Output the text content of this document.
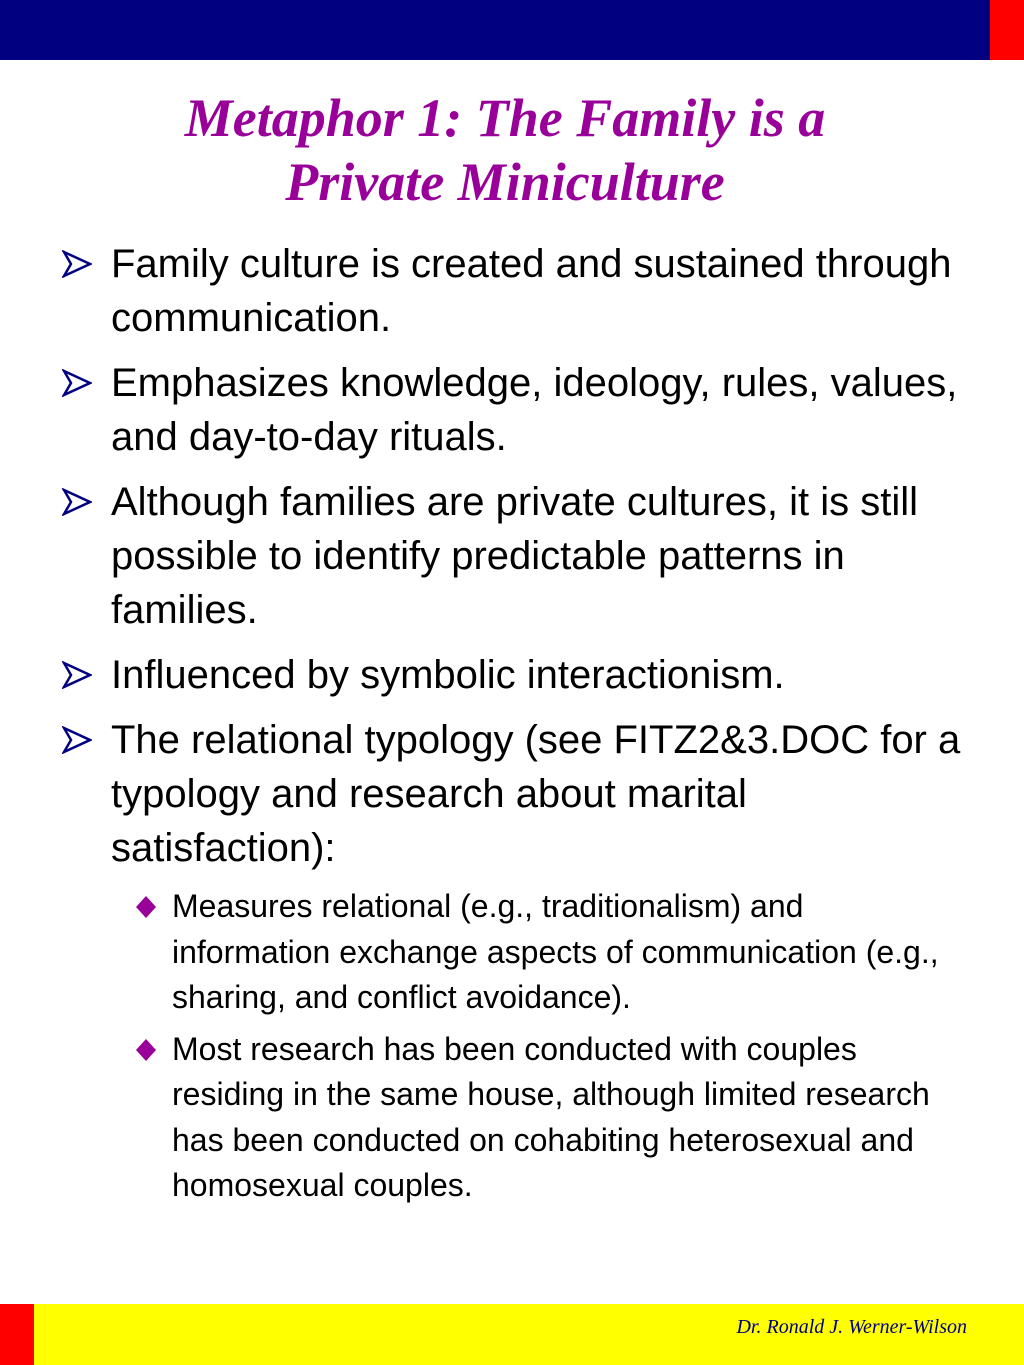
Metaphor 1: The Family is a
Private Miniculture
Family culture is created and sustained through communication.
Emphasizes knowledge, ideology, rules, values, and day-to-day rituals.
Although families are private cultures, it is still possible to identify predictable patterns in families.
Influenced by symbolic interactionism.
The relational typology (see FITZ2&3.DOC for a typology and research about marital satisfaction):
Measures relational (e.g., traditionalism) and information exchange aspects of communication (e.g., sharing, and conflict avoidance).
Most research has been conducted with couples residing in the same house, although limited research has been conducted on cohabiting heterosexual and homosexual couples.
Dr. Ronald J. Werner-Wilson
